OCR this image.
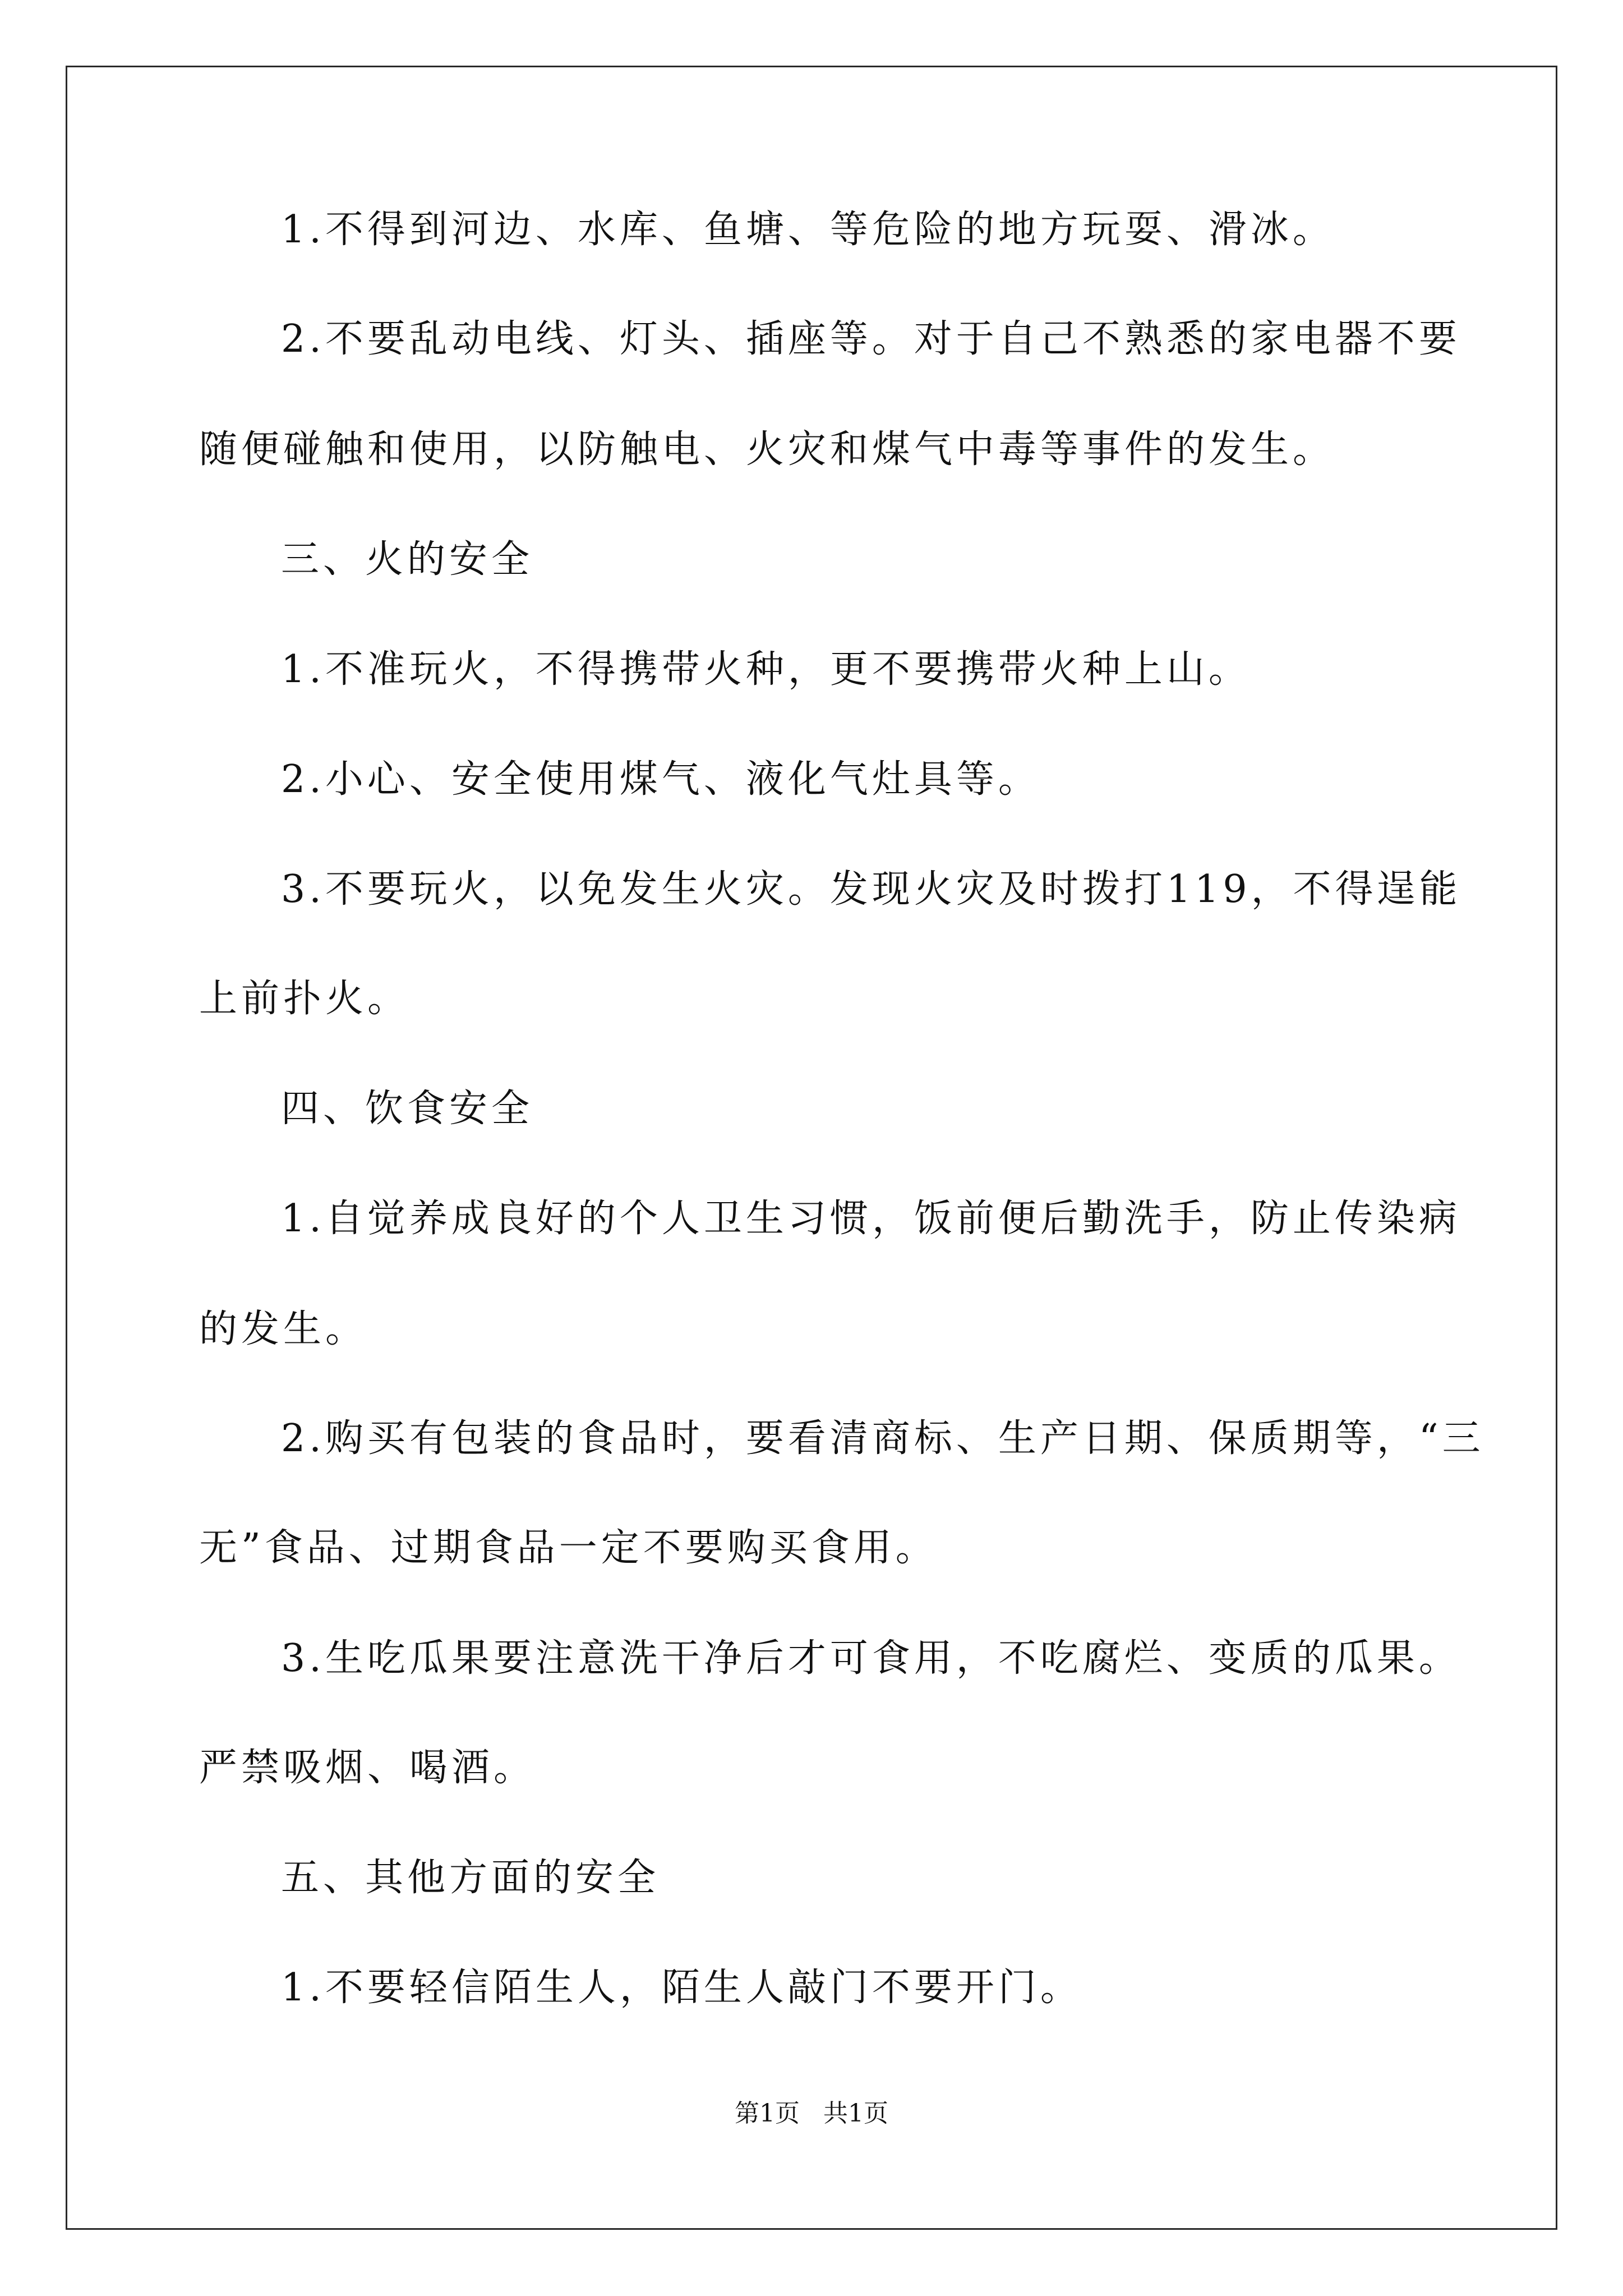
1.不得到河边、水库、鱼塘、等危险的地方玩耍、滑冰。
2.不要乱动电线、灯头、插座等。对于自己不熟悉的家电器不要
随便碰触和使用，以防触电、火灾和煤气中毒等事件的发生。
三、火的安全
1.不准玩火，不得携带火种，更不要携带火种上山。
2.小心、安全使用煤气、液化气灶具等。
3.不要玩火，以免发生火灾。发现火灾及时拨打119，不得逞能
上前扑火。
四、饮食安全
1.自觉养成良好的个人卫生习惯，饭前便后勤洗手，防止传染病
的发生。
2.购买有包装的食品时，要看清商标、生产日期、保质期等，“三
无”食品、过期食品一定不要购买食用。
3.生吃瓜果要注意洗干净后才可食用，不吃腐烂、变质的瓜果。
严禁吸烟、喝酒。
五、其他方面的安全
1.不要轻信陌生人，陌生人敲门不要开门。
第1页   共1页
